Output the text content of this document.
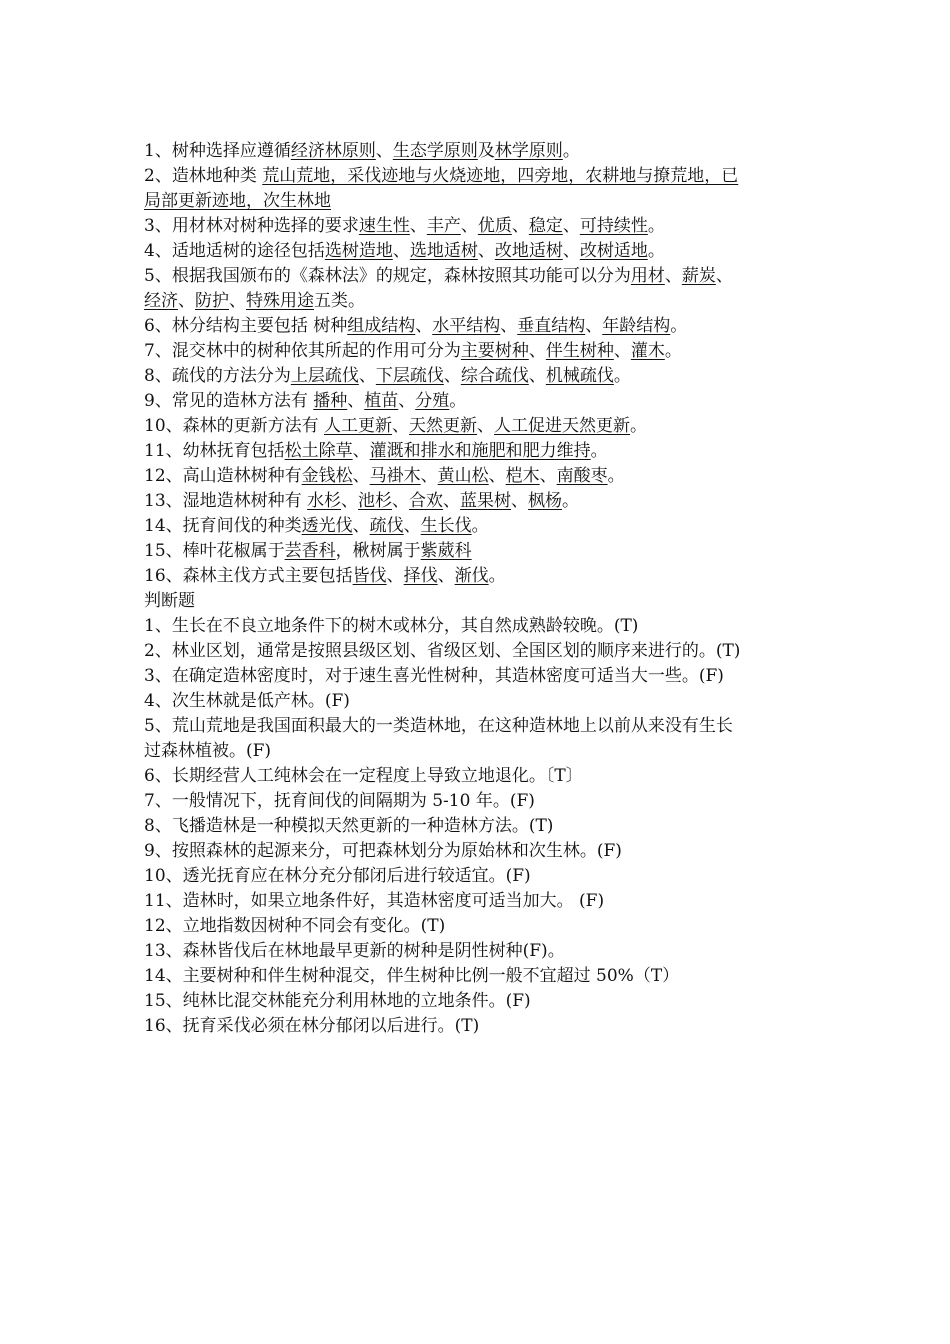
1、树种选择应遵循经济林原则、生态学原则及林学原则。
2、造林地种类 荒山荒地，采伐迹地与火烧迹地，四旁地，农耕地与撩荒地，已
局部更新迹地，次生林地
3、用材林对树种选择的要求速生性、丰产、优质、稳定、可持续性。
4、适地适树的途径包括选树造地、选地适树、改地适树、改树适地。
5、根据我国颁布的《森林法》的规定，森林按照其功能可以分为用材、薪炭、
经济、防护、特殊用途五类。
6、林分结构主要包括 树种组成结构、水平结构、垂直结构、年龄结构。
7、混交林中的树种依其所起的作用可分为主要树种、伴生树种、灌木。
8、疏伐的方法分为上层疏伐、下层疏伐、综合疏伐、机械疏伐。
9、常见的造林方法有 播种、植苗、分殖。
10、森林的更新方法有 人工更新、天然更新、人工促进天然更新。
11、幼林抚育包括松土除草、灌溉和排水和施肥和肥力维持。
12、高山造林树种有金钱松、马褂木、黄山松、桤木、南酸枣。
13、湿地造林树种有 水杉、池杉、合欢、蓝果树、枫杨。
14、抚育间伐的种类透光伐、疏伐、生长伐。
15、棒叶花椒属于芸香科，楸树属于紫葳科
16、森林主伐方式主要包括皆伐、择伐、渐伐。
判断题
1、生长在不良立地条件下的树木或林分，其自然成熟龄较晚。(T)
2、林业区划，通常是按照县级区划、省级区划、全国区划的顺序来进行的。(T)
3、在确定造林密度时，对于速生喜光性树种，其造林密度可适当大一些。(F)
4、次生林就是低产林。(F)
5、荒山荒地是我国面积最大的一类造林地，在这种造林地上以前从来没有生长
过森林植被。(F)
6、长期经营人工纯林会在一定程度上导致立地退化。〔T〕
7、一般情况下，抚育间伐的间隔期为 5-10 年。(F)
8、飞播造林是一种模拟天然更新的一种造林方法。(T)
9、按照森林的起源来分，可把森林划分为原始林和次生林。(F)
10、透光抚育应在林分充分郁闭后进行较适宜。(F)
11、造林时，如果立地条件好，其造林密度可适当加大。 (F)
12、立地指数因树种不同会有变化。(T)
13、森林皆伐后在林地最早更新的树种是阴性树种(F)。
14、主要树种和伴生树种混交，伴生树种比例一般不宜超过 50%（T）
15、纯林比混交林能充分利用林地的立地条件。(F)
16、抚育采伐必须在林分郁闭以后进行。(T)
